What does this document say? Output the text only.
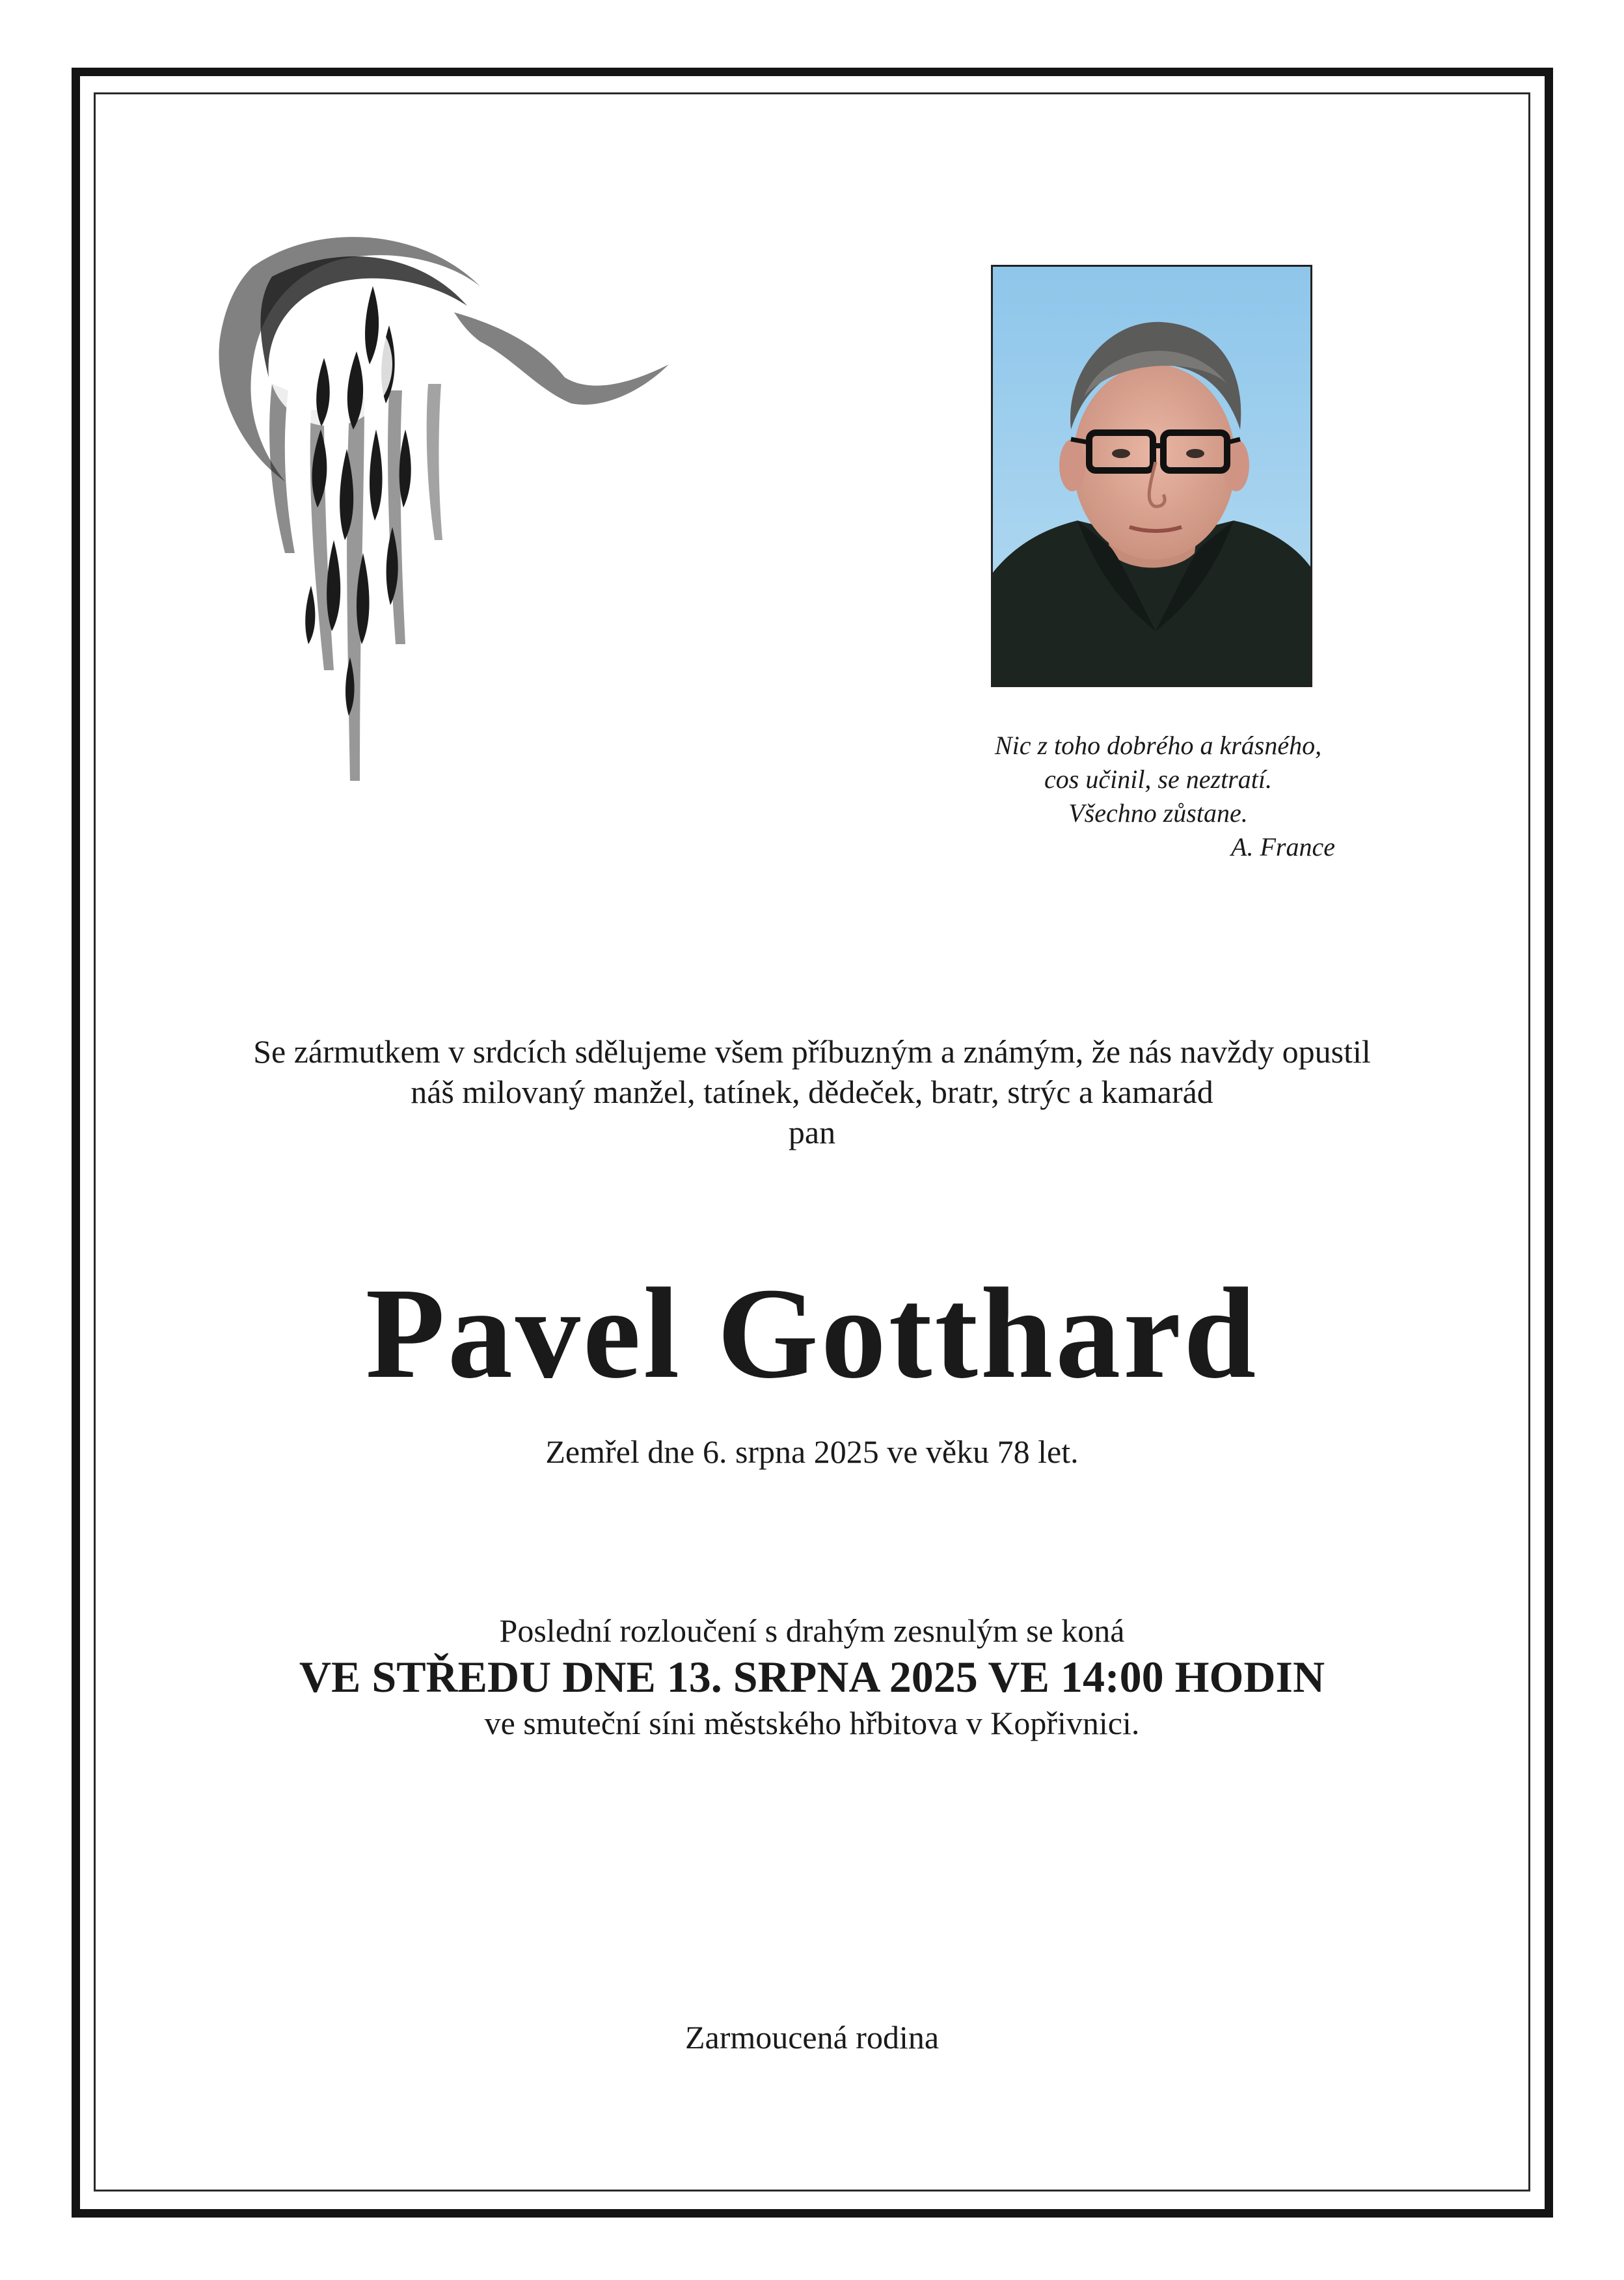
Nic z toho dobrého a krásného,
cos učinil, se neztratí.
Všechno zůstane.
A. France
Se zármutkem v srdcích sdělujeme všem příbuzným a známým, že nás navždy opustil
náš milovaný manžel, tatínek, dědeček, bratr, strýc a kamarád
pan
Pavel Gotthard
Zemřel dne 6. srpna 2025 ve věku 78 let.
Poslední rozloučení s drahým zesnulým se koná
VE STŘEDU DNE 13. SRPNA 2025 VE 14:00 HODIN
ve smuteční síni městského hřbitova v Kopřivnici.
Zarmoucená rodina
